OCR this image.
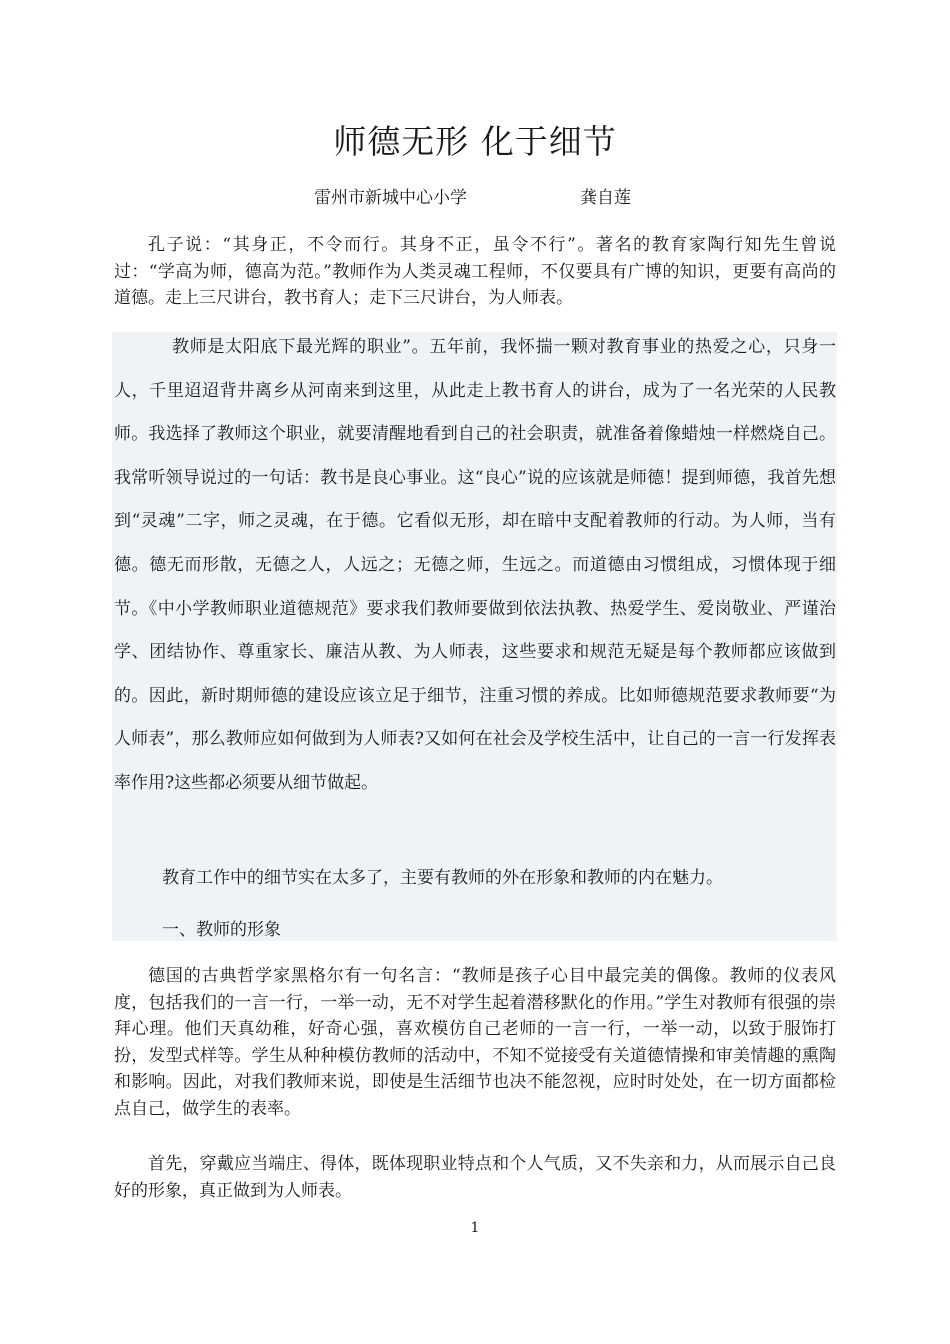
师德无形 化于细节
雷州市新城中心小学	龚自莲

孔子说：“其身正，不令而行。其身不正，虽令不行”。著名的教育家陶行知先生曾说过：“学高为师，德高为范。”教师作为人类灵魂工程师，不仅要具有广博的知识，更要有高尚的道德。走上三尺讲台，教书育人；走下三尺讲台，为人师表。

教师是太阳底下最光辉的职业”。五年前，我怀揣一颗对教育事业的热爱之心，只身一人，千里迢迢背井离乡从河南来到这里，从此走上教书育人的讲台，成为了一名光荣的人民教师。我选择了教师这个职业，就要清醒地看到自己的社会职责，就准备着像蜡烛一样燃烧自己。我常听领导说过的一句话：教书是良心事业。这“良心”说的应该就是师德！提到师德，我首先想到“灵魂”二字，师之灵魂，在于德。它看似无形，却在暗中支配着教师的行动。为人师，当有德。德无而形散，无德之人，人远之；无德之师，生远之。而道德由习惯组成，习惯体现于细节。《中小学教师职业道德规范》要求我们教师要做到依法执教、热爱学生、爱岗敬业、严谨治学、团结协作、尊重家长、廉洁从教、为人师表，这些要求和规范无疑是每个教师都应该做到的。因此，新时期师德的建设应该立足于细节，注重习惯的养成。比如师德规范要求教师要“为人师表”，那么教师应如何做到为人师表?又如何在社会及学校生活中，让自己的一言一行发挥表率作用?这些都必须要从细节做起。

教育工作中的细节实在太多了，主要有教师的外在形象和教师的内在魅力。

一、教师的形象

德国的古典哲学家黑格尔有一句名言：“教师是孩子心目中最完美的偶像。教师的仪表风度，包括我们的一言一行，一举一动，无不对学生起着潜移默化的作用。”学生对教师有很强的崇拜心理。他们天真幼稚，好奇心强，喜欢模仿自己老师的一言一行，一举一动，以致于服饰打扮，发型式样等。学生从种种模仿教师的活动中，不知不觉接受有关道德情操和审美情趣的熏陶和影响。因此，对我们教师来说，即使是生活细节也决不能忽视，应时时处处，在一切方面都检点自己，做学生的表率。

首先，穿戴应当端庄、得体，既体现职业特点和个人气质，又不失亲和力，从而展示自己良好的形象，真正做到为人师表。

1
